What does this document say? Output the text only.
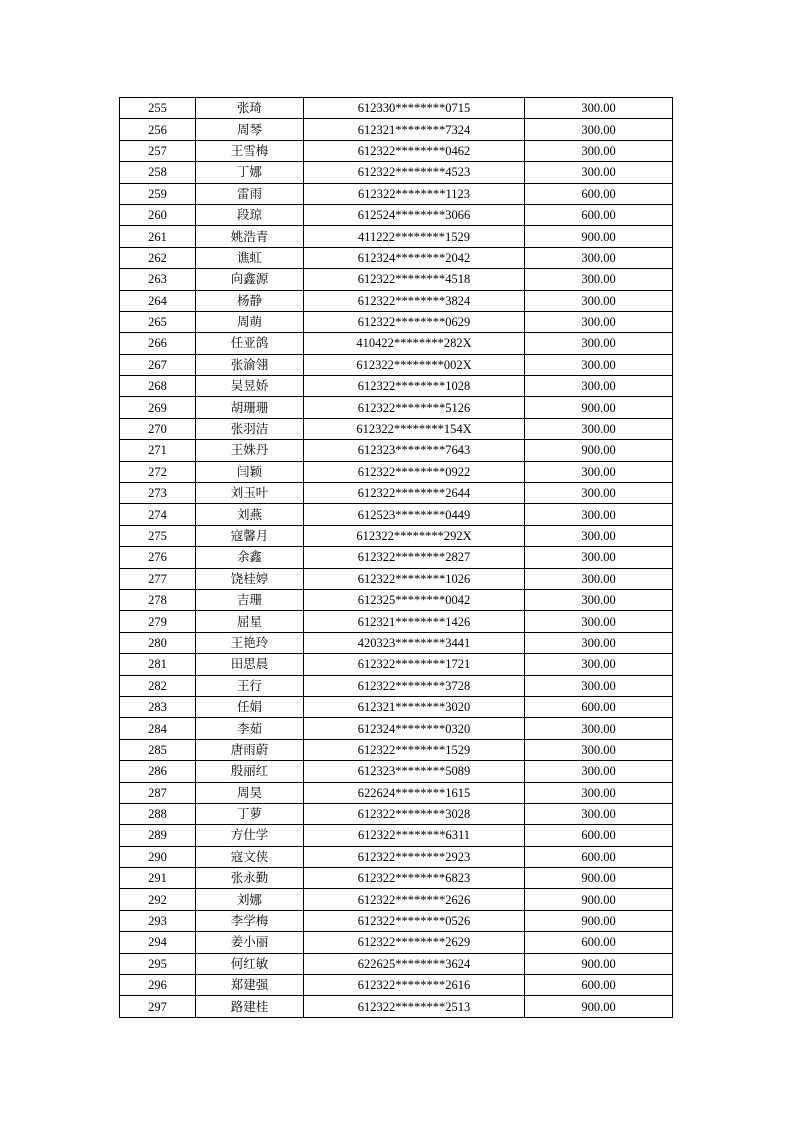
255	张琦	612330********0715	300.00
256	周琴	612321********7324	300.00
257	王雪梅	612322********0462	300.00
258	丁娜	612322********4523	300.00
259	雷雨	612322********1123	600.00
260	段琼	612524********3066	600.00
261	姚浩青	411222********1529	900.00
262	谯虹	612324********2042	300.00
263	向鑫源	612322********4518	300.00
264	杨静	612322********3824	300.00
265	周萌	612322********0629	300.00
266	任亚鸽	410422********282X	300.00
267	张渝翎	612322********002X	300.00
268	吴昱娇	612322********1028	300.00
269	胡珊珊	612322********5126	900.00
270	张羽洁	612322********154X	300.00
271	王姝丹	612323********7643	900.00
272	闫颖	612322********0922	300.00
273	刘玉叶	612322********2644	300.00
274	刘燕	612523********0449	300.00
275	寇馨月	612322********292X	300.00
276	余鑫	612322********2827	300.00
277	饶桂婷	612322********1026	300.00
278	吉珊	612325********0042	300.00
279	屈星	612321********1426	300.00
280	王艳玲	420323********3441	300.00
281	田思晨	612322********1721	300.00
282	王行	612322********3728	300.00
283	任娟	612321********3020	600.00
284	李茹	612324********0320	300.00
285	唐雨蔚	612322********1529	300.00
286	殷丽红	612323********5089	300.00
287	周昊	622624********1615	300.00
288	丁萝	612322********3028	300.00
289	方仕学	612322********6311	600.00
290	寇文侠	612322********2923	600.00
291	张永勤	612322********6823	900.00
292	刘娜	612322********2626	900.00
293	李学梅	612322********0526	900.00
294	姜小丽	612322********2629	600.00
295	何红敏	622625********3624	900.00
296	郑建强	612322********2616	600.00
297	路建桂	612322********2513	900.00
